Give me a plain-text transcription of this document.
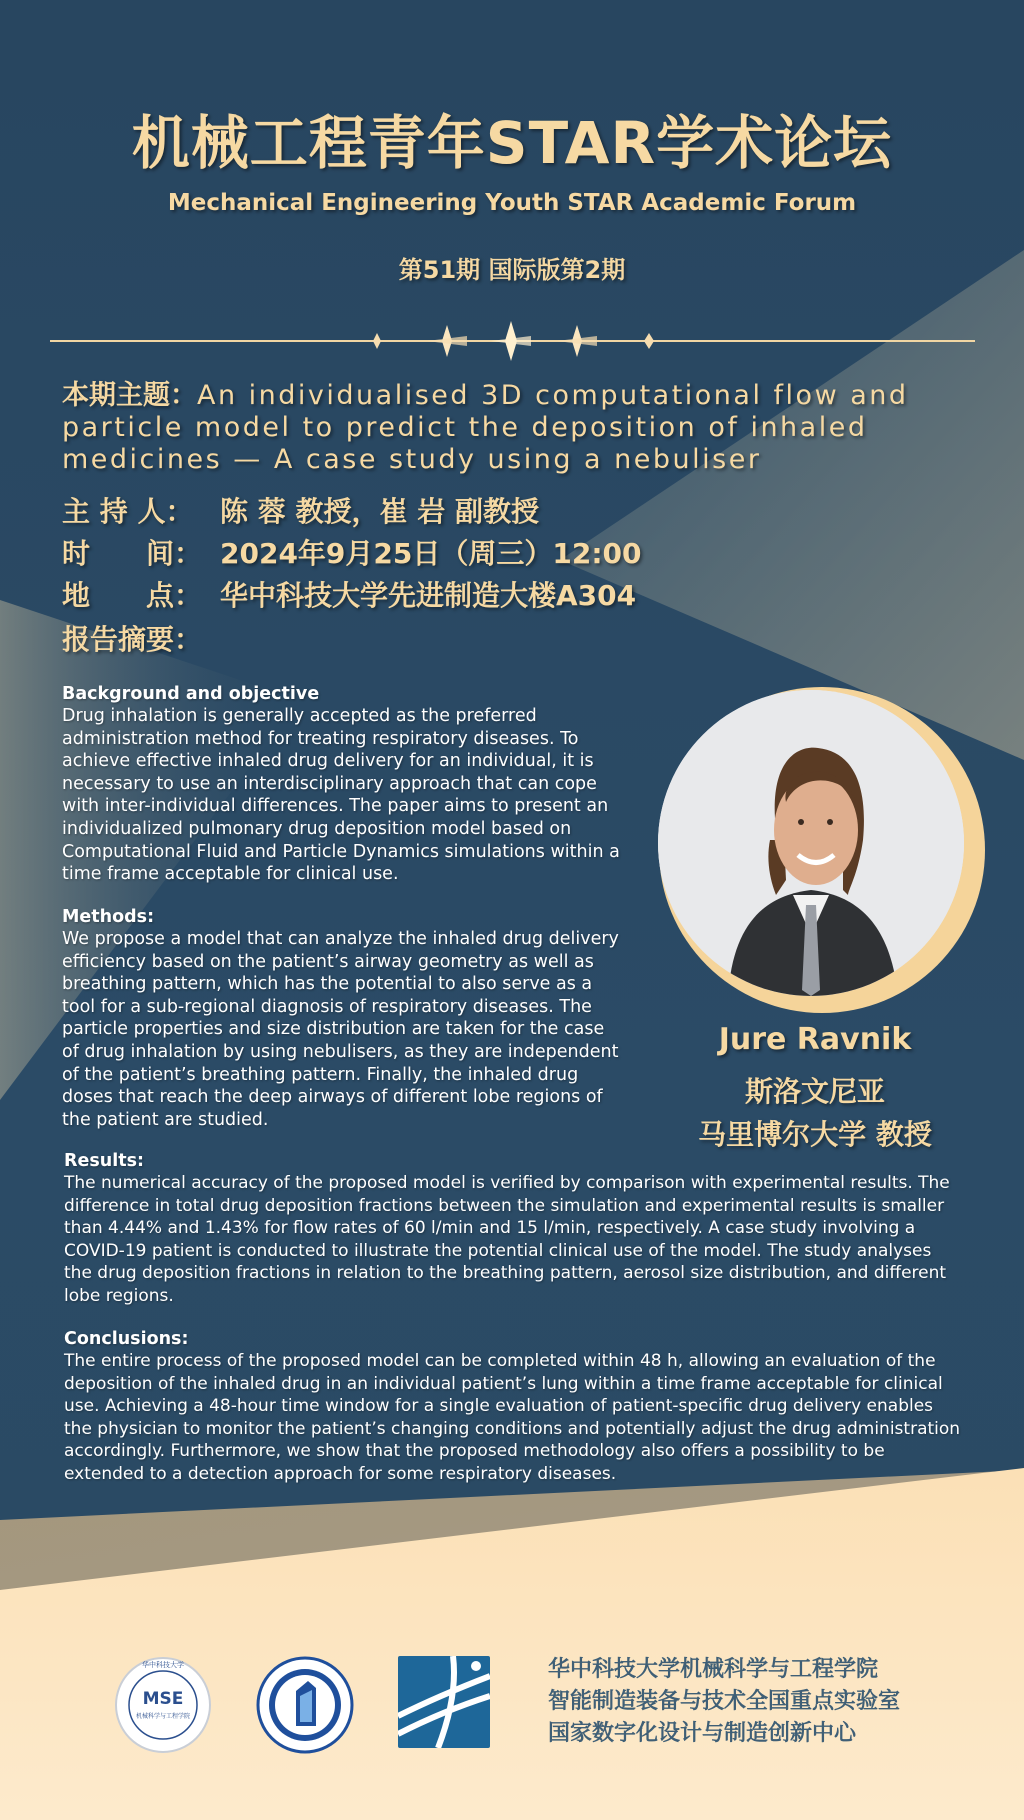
机械工程青年STAR学术论坛
Mechanical Engineering Youth STAR Academic Forum
第51期 国际版第2期
本期主题：An individualised 3D computational flow and particle model to predict the deposition of inhaled medicines — A case study using a nebuliser
主 持 人： 陈 蓉 教授，崔 岩 副教授
时　　间： 2024年9月25日（周三）12:00
地　　点： 华中科技大学先进制造大楼A304
报告摘要：
Background and objective

Drug inhalation is generally accepted as the preferred administration method for treating respiratory diseases. To achieve effective inhaled drug delivery for an individual, it is necessary to use an interdisciplinary approach that can cope with inter-individual differences. The paper aims to present an individualized pulmonary drug deposition model based on Computational Fluid and Particle Dynamics simulations within a time frame acceptable for clinical use.

Methods:

We propose a model that can analyze the inhaled drug delivery efficiency based on the patient’s airway geometry as well as breathing pattern, which has the potential to also serve as a tool for a sub-regional diagnosis of respiratory diseases. The particle properties and size distribution are taken for the case of drug inhalation by using nebulisers, as they are independent of the patient’s breathing pattern. Finally, the inhaled drug doses that reach the deep airways of different lobe regions of the patient are studied.

Results:

The numerical accuracy of the proposed model is verified by comparison with experimental results. The difference in total drug deposition fractions between the simulation and experimental results is smaller than 4.44% and 1.43% for flow rates of 60 l/min and 15 l/min, respectively. A case study involving a COVID-19 patient is conducted to illustrate the potential clinical use of the model. The study analyses the drug deposition fractions in relation to the breathing pattern, aerosol size distribution, and different lobe regions.

Conclusions:

The entire process of the proposed model can be completed within 48 h, allowing an evaluation of the deposition of the inhaled drug in an individual patient’s lung within a time frame acceptable for clinical use. Achieving a 48-hour time window for a single evaluation of patient-specific drug delivery enables the physician to monitor the patient’s changing conditions and potentially adjust the drug administration accordingly. Furthermore, we show that the proposed methodology also offers a possibility to be extended to a detection approach for some respiratory diseases.

Jure Ravnik
斯洛文尼亚
马里博尔大学 教授
MSE
机械科学与工程学院
华中科技大学	华中科技大学机械科学与工程学院
智能制造装备与技术全国重点实验室
国家数字化设计与制造创新中心
